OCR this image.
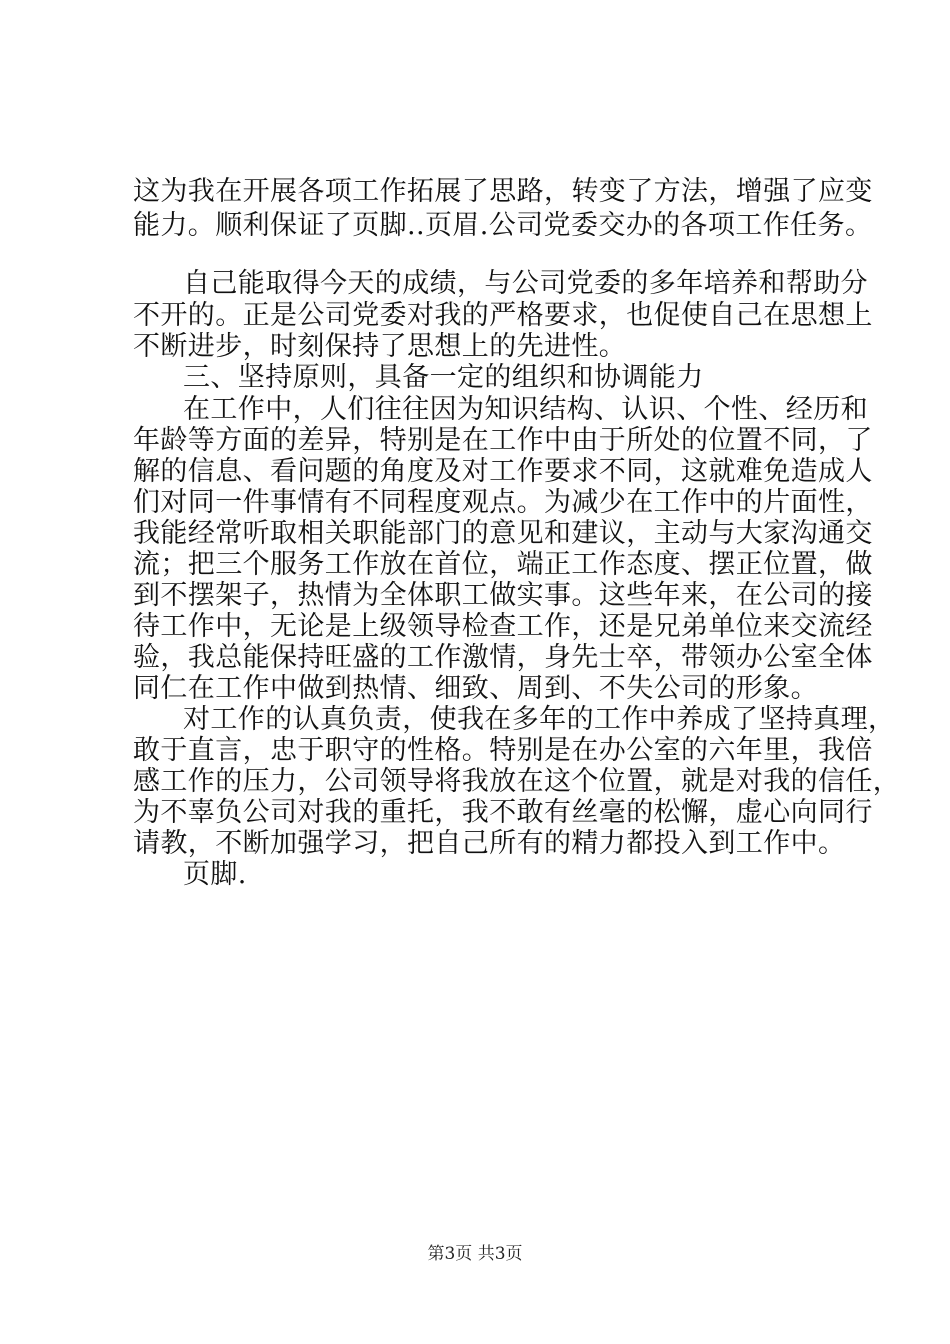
这为我在开展各项工作拓展了思路，转变了方法，增强了应变
能力。顺利保证了页脚..页眉.公司党委交办的各项工作任务。
自己能取得今天的成绩，与公司党委的多年培养和帮助分
不开的。正是公司党委对我的严格要求，也促使自己在思想上
不断进步，时刻保持了思想上的先进性。
三、坚持原则，具备一定的组织和协调能力
在工作中，人们往往因为知识结构、认识、个性、经历和
年龄等方面的差异，特别是在工作中由于所处的位置不同，了
解的信息、看问题的角度及对工作要求不同，这就难免造成人
们对同一件事情有不同程度观点。为减少在工作中的片面性，
我能经常听取相关职能部门的意见和建议，主动与大家沟通交
流；把三个服务工作放在首位，端正工作态度、摆正位置，做
到不摆架子，热情为全体职工做实事。这些年来，在公司的接
待工作中，无论是上级领导检查工作，还是兄弟单位来交流经
验，我总能保持旺盛的工作激情，身先士卒，带领办公室全体
同仁在工作中做到热情、细致、周到、不失公司的形象。
对工作的认真负责，使我在多年的工作中养成了坚持真理，
敢于直言，忠于职守的性格。特别是在办公室的六年里，我倍
感工作的压力，公司领导将我放在这个位置，就是对我的信任，
为不辜负公司对我的重托，我不敢有丝毫的松懈，虚心向同行
请教，不断加强学习，把自己所有的精力都投入到工作中。
页脚.
第3页 共3页
